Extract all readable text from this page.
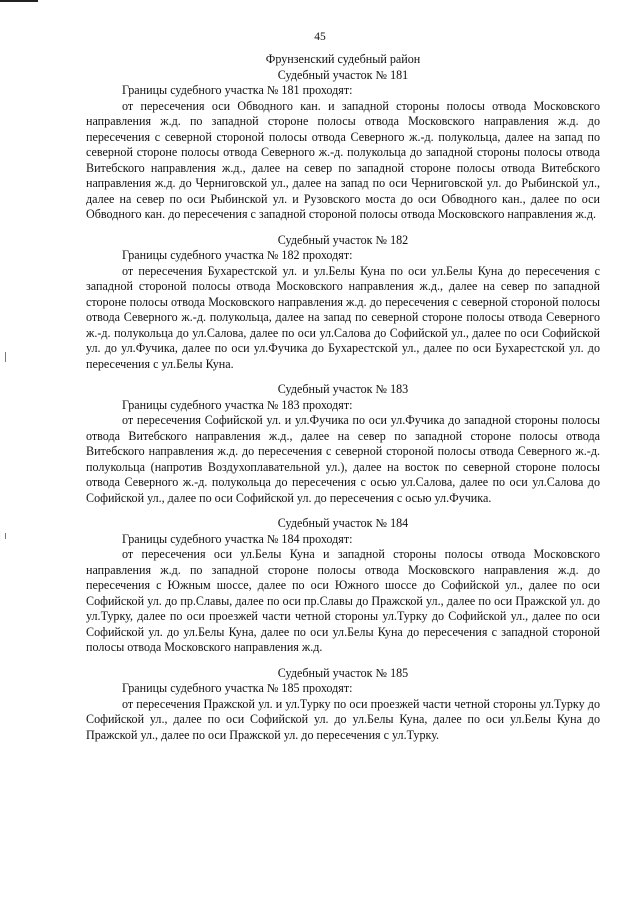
45

Фрунзенский судебный район

Судебный участок № 181

Границы судебного участка № 181 проходят:

от пересечения оси Обводного кан. и западной стороны полосы отвода Московского направления ж.д. по западной стороне полосы отвода Московского направления ж.д. до пересечения с северной стороной полосы отвода Северного ж.-д. полукольца, далее на запад по северной стороне полосы отвода Северного ж.-д. полукольца до западной стороны полосы отвода Витебского направления ж.д., далее на север по западной стороне полосы отвода Витебского направления ж.д. до Черниговской ул., далее на запад по оси Черниговской ул. до Рыбинской ул., далее на север по оси Рыбинской ул. и Рузовского моста до оси Обводного кан., далее по оси Обводного кан. до пересечения с западной стороной полосы отвода Московского направления ж.д.

Судебный участок № 182

Границы судебного участка № 182 проходят:

от пересечения Бухарестской ул. и ул.Белы Куна по оси ул.Белы Куна до пересечения с западной стороной полосы отвода Московского направления ж.д., далее на север по западной стороне полосы отвода Московского направления ж.д. до пересечения с северной стороной полосы отвода Северного ж.-д. полукольца, далее на запад по северной стороне полосы отвода Северного ж.-д. полукольца до ул.Салова, далее по оси ул.Салова до Софийской ул., далее по оси Софийской ул. до ул.Фучика, далее по оси ул.Фучика до Бухарестской ул., далее по оси Бухарестской ул. до пересечения с ул.Белы Куна.

Судебный участок № 183

Границы судебного участка № 183 проходят:

от пересечения Софийской ул. и ул.Фучика по оси ул.Фучика до западной стороны полосы отвода Витебского направления ж.д., далее на север по западной стороне полосы отвода Витебского направления ж.д. до пересечения с северной стороной полосы отвода Северного ж.-д. полукольца (напротив Воздухоплавательной ул.), далее на восток по северной стороне полосы отвода Северного ж.-д. полукольца до пересечения с осью ул.Салова, далее по оси ул.Салова до Софийской ул., далее по оси Софийской ул. до пересечения с осью ул.Фучика.

Судебный участок № 184

Границы судебного участка № 184 проходят:

от пересечения оси ул.Белы Куна и западной стороны полосы отвода Московского направления ж.д. по западной стороне полосы отвода Московского направления ж.д. до пересечения с Южным шоссе, далее по оси Южного шоссе до Софийской ул., далее по оси Софийской ул. до пр.Славы, далее по оси пр.Славы до Пражской ул., далее по оси Пражской ул. до ул.Турку, далее по оси проезжей части четной стороны ул.Турку до Софийской ул., далее по оси Софийской ул. до ул.Белы Куна, далее по оси ул.Белы Куна до пересечения с западной стороной полосы отвода Московского направления ж.д.

Судебный участок № 185

Границы судебного участка № 185 проходят:

от пересечения Пражской ул. и ул.Турку по оси проезжей части четной стороны ул.Турку до Софийской ул., далее по оси Софийской ул. до ул.Белы Куна, далее по оси ул.Белы Куна до Пражской ул., далее по оси Пражской ул. до пересечения с ул.Турку.
